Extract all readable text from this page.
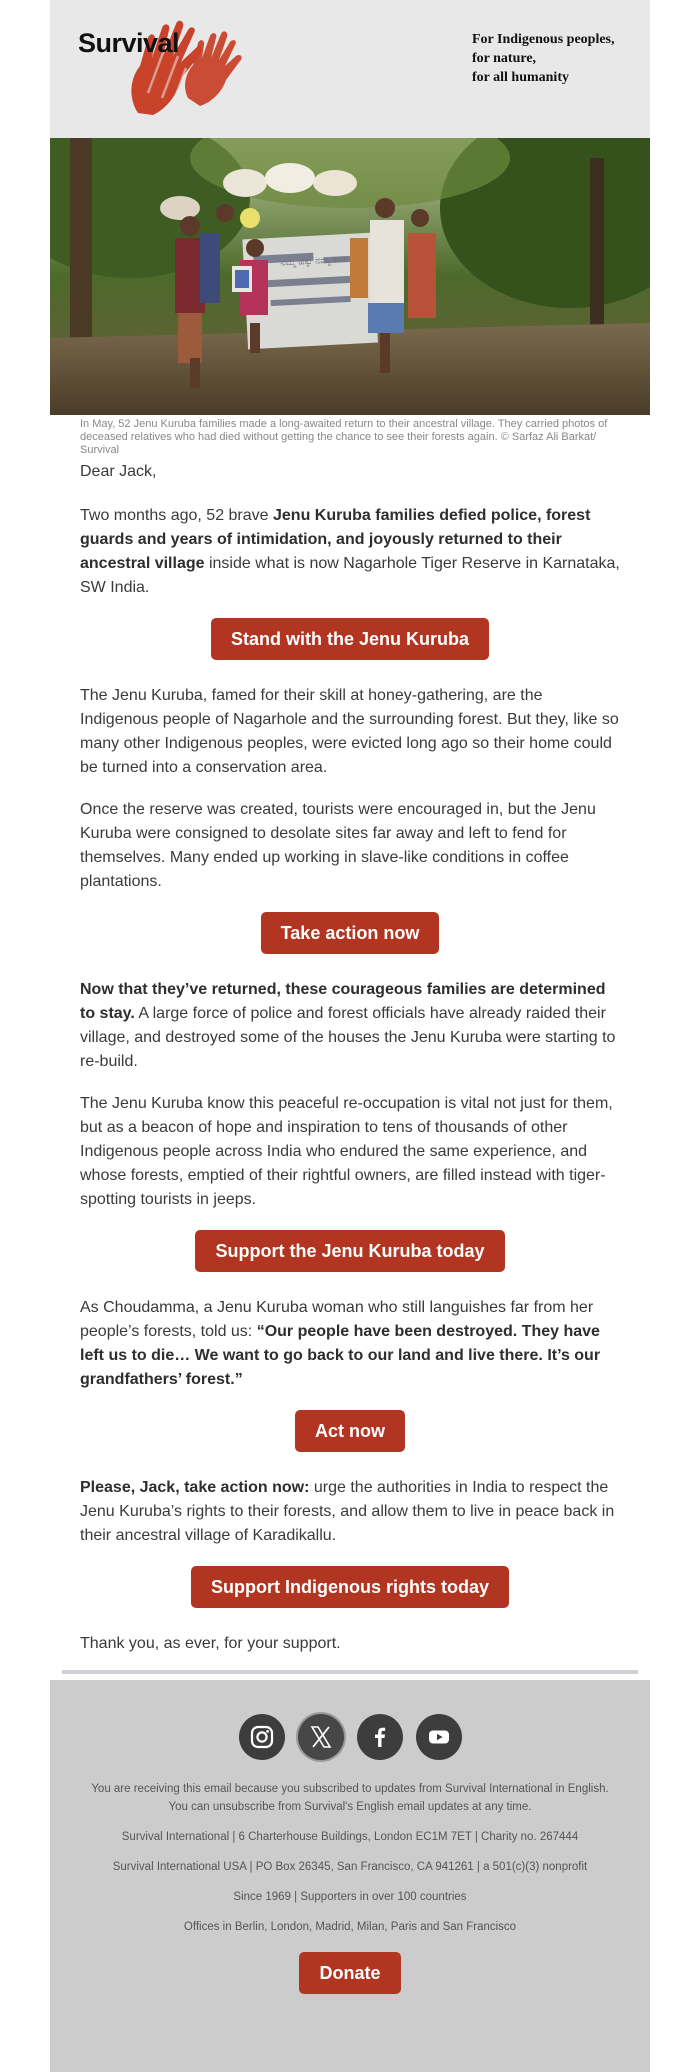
Survival	For Indigenous peoples,
for nature,
for all humanity
ನಮ್ಮ ಹಕ್ಕು ನಮ್ಮ ಕಾಡು
In May, 52 Jenu Kuruba families made a long-awaited return to their ancestral village. They carried photos of deceased relatives who had died without getting the chance to see their forests again. © Sarfaz Ali Barkat/ Survival

Dear Jack,

Two months ago, 52 brave Jenu Kuruba families defied police, forest guards and years of intimidation, and joyously returned to their ancestral village inside what is now Nagarhole Tiger Reserve in Karnataka, SW India.

Stand with the Jenu Kuruba

The Jenu Kuruba, famed for their skill at honey-gathering, are the Indigenous people of Nagarhole and the surrounding forest. But they, like so many other Indigenous peoples, were evicted long ago so their home could be turned into a conservation area.

Once the reserve was created, tourists were encouraged in, but the Jenu Kuruba were consigned to desolate sites far away and left to fend for themselves. Many ended up working in slave-like conditions in coffee plantations.

Take action now

Now that they’ve returned, these courageous families are determined to stay. A large force of police and forest officials have already raided their village, and destroyed some of the houses the Jenu Kuruba were starting to re-build.

The Jenu Kuruba know this peaceful re-occupation is vital not just for them, but as a beacon of hope and inspiration to tens of thousands of other Indigenous people across India who endured the same experience, and whose forests, emptied of their rightful owners, are filled instead with tiger-spotting tourists in jeeps.

Support the Jenu Kuruba today

As Choudamma, a Jenu Kuruba woman who still languishes far from her people’s forests, told us: “Our people have been destroyed. They have left us to die… We want to go back to our land and live there. It’s our grandfathers’ forest.”

Act now

Please, Jack, take action now: urge the authorities in India to respect the Jenu Kuruba’s rights to their forests, and allow them to live in peace back in their ancestral village of Karadikallu.

Support Indigenous rights today

Thank you, as ever, for your support.

You are receiving this email because you subscribed to updates from Survival International in English.
You can unsubscribe from Survival's English email updates at any time.
Survival International | 6 Charterhouse Buildings, London EC1M 7ET | Charity no. 267444
Survival International USA | PO Box 26345, San Francisco, CA 941261 | a 501(c)(3) nonprofit
Since 1969 | Supporters in over 100 countries
Offices in Berlin, London, Madrid, Milan, Paris and San Francisco
Donate
